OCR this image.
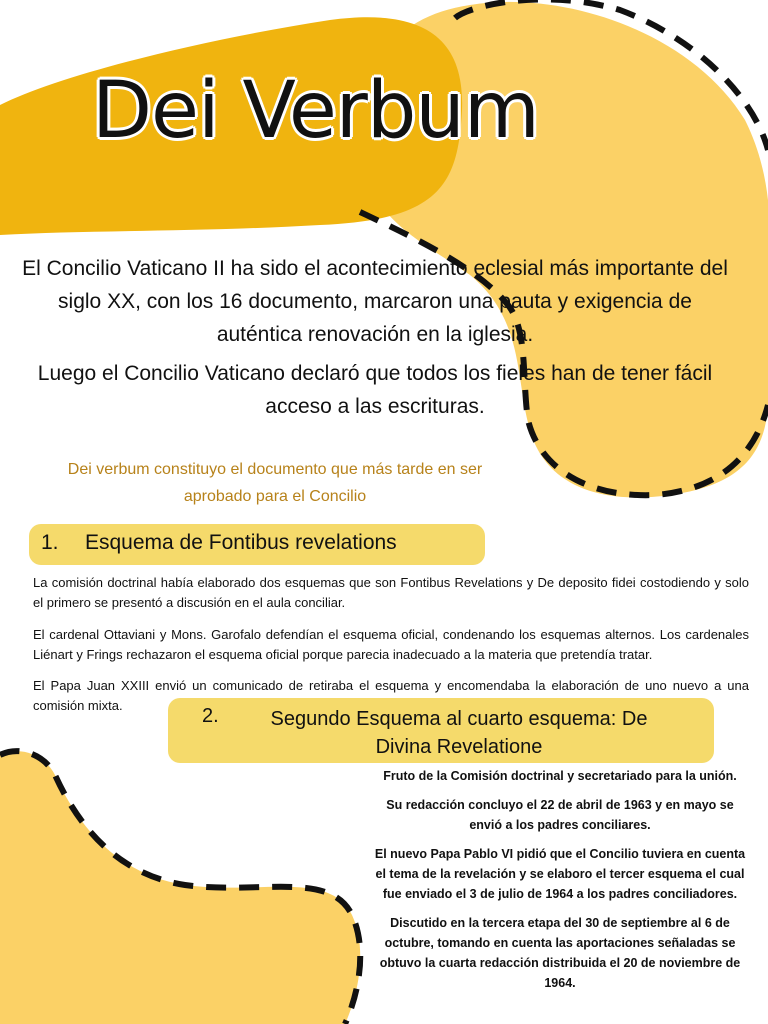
Dei Verbum

El Concilio Vaticano II ha sido el acontecimiento eclesial más importante del siglo XX, con los 16 documento, marcaron una pauta y exigencia de auténtica renovación en la iglesia.

Luego el Concilio Vaticano declaró que todos los fieles han de tener fácil acceso a las escrituras.

Dei verbum constituyo el documento que más tarde en ser aprobado para el Concilio

1. Esquema de Fontibus revelations

La comisión doctrinal había elaborado dos esquemas que son Fontibus Revelations y De deposito fidei costodiendo y solo el primero se presentó a discusión en el aula conciliar.

El cardenal Ottaviani y Mons. Garofalo defendían el esquema oficial, condenando los esquemas alternos. Los cardenales Liénart y Frings rechazaron el esquema oficial porque parecia inadecuado a la materia que pretendía tratar.

El Papa Juan XXIII envió un comunicado de retiraba el esquema y encomendaba la elaboración de uno nuevo a una comisión mixta.	2.	Segundo Esquema al cuarto esquema: De Divina Revelatione

Fruto de la Comisión doctrinal y secretariado para la unión.

Su redacción concluyo el 22 de abril de 1963 y en mayo se envió a los padres conciliares.

El nuevo Papa Pablo VI pidió que el Concilio tuviera en cuenta el tema de la revelación y se elaboro el tercer esquema el cual fue enviado el 3 de julio de 1964 a los padres conciliadores.

Discutido en la tercera etapa del 30 de septiembre al 6 de octubre, tomando en cuenta las aportaciones señaladas se obtuvo la cuarta redacción distribuida el 20 de noviembre de 1964.
